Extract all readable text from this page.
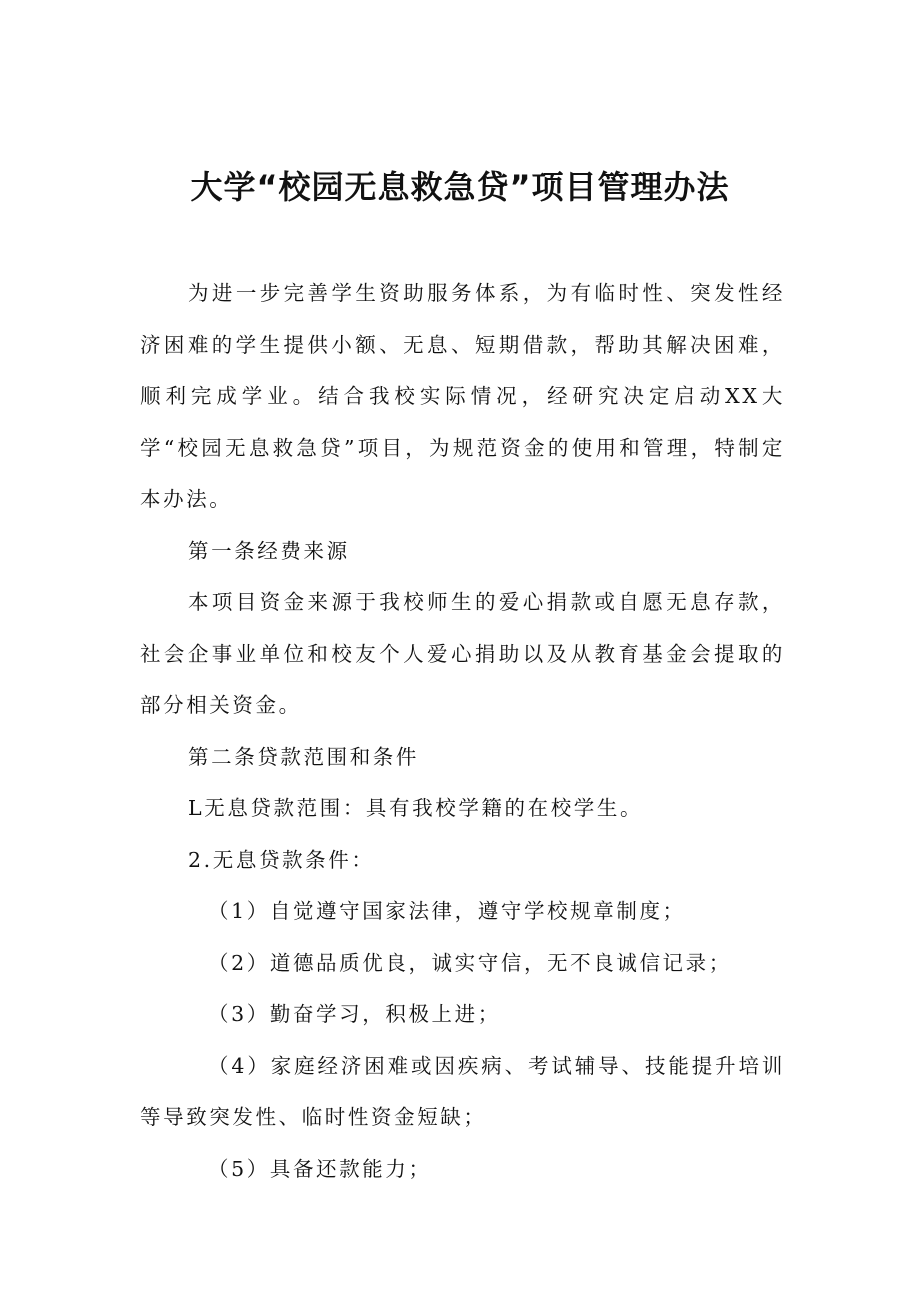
大学“校园无息救急贷”项目管理办法

为进一步完善学生资助服务体系，为有临时性、突发性经济困难的学生提供小额、无息、短期借款，帮助其解决困难，顺利完成学业。结合我校实际情况，经研究决定启动XX大学“校园无息救急贷”项目，为规范资金的使用和管理，特制定本办法。

第一条经费来源

本项目资金来源于我校师生的爱心捐款或自愿无息存款，社会企事业单位和校友个人爱心捐助以及从教育基金会提取的部分相关资金。

第二条贷款范围和条件

L无息贷款范围：具有我校学籍的在校学生。

2.无息贷款条件：

（1）自觉遵守国家法律，遵守学校规章制度；

（2）道德品质优良，诚实守信，无不良诚信记录；

（3）勤奋学习，积极上进；

（4）家庭经济困难或因疾病、考试辅导、技能提升培训等导致突发性、临时性资金短缺；

（5）具备还款能力；
